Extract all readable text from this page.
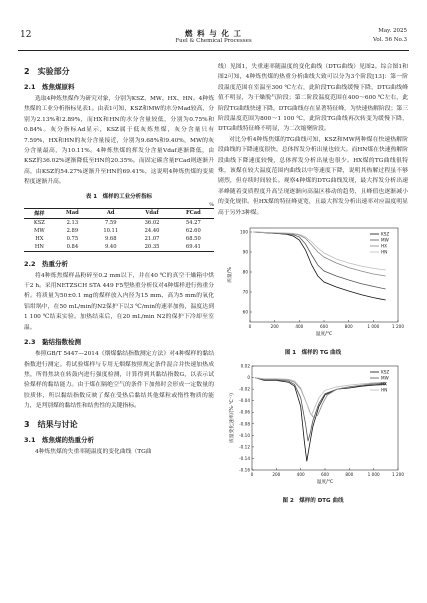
12	燃 料 与 化 工
Fuel & Chemical Processes
May. 2025
Vol. 56 No.3
2　实验部分
2.1　炼焦煤原料

选取4种炼焦煤作为研究对象，分别为KSZ、MW、HX、HN。4种炼焦煤的工业分析指标见表1。由表1可知，KSZ和MW的水分Mad较高，分别为2.13%和2.89%，而HX和HN的水分含量较低，分别为0.75%和0.84%。灰分指标Ad显示，KSZ属于低灰炼焦煤，灰分含量只有7.59%，HX和HN的灰分含量接近，分别为9.68%和9.40%，MW的灰分含量最高，为10.11%。4种炼焦煤的挥发分含量Vdaf逐渐降低，由KSZ的36.02%逐渐降低至HN的20.35%。而固定碳含量FCad则逐渐升高，由KSZ的54.27%逐渐升至HN的69.41%，这说明4种炼焦煤的变质程度逐渐升高。

表 1　煤样的工业分析指标
%
煤样	Mad	Ad	Vdaf	FCad
KSZ	2.13	7.59	36.02	54.27
MW	2.89	10.11	24.40	62.60
HX	0.75	9.68	21.07	68.50
HN	0.84	9.40	20.35	69.41
2.2　热重分析

将4种炼焦煤样品粉碎至0.2 mm以下，并在40 ℃的真空干燥箱中烘干2 h。采用NETZSCH STA 449 F5型热重分析仪对4种煤样进行热重分析。将质量为50±0.1 mg的煤样放入内径为15 mm、高为5 mm的氧化铝坩埚中，在50 mL/min的N2保护下以3 ℃/min的速率加热，温度达到1 100 ℃结束实验。加热结束后，在20 mL/min N2的保护下冷却至室温。

2.3　黏结指数检测

参照GB/T 5447—2014《烟煤黏结指数测定方法》对4种煤样的黏结指数进行测定。将试验煤样与专用无烟煤按照规定条件混合并快速加热成焦，所得焦块在转鼓内进行强度检测，计算得到其黏结指数G，以表示试验煤样的黏结能力。由于煤在隔绝空气的条件下加热时会形成一定数量的胶质体，所以黏结指数反映了煤在受热后黏结其他煤粒或惰性物质的能力，是判别煤的黏结性和结焦性的关键指标。

3　结果与讨论
3.1　炼焦煤的热重分析

4种炼焦煤的失重率随温度的变化曲线（TG曲

线）见图1，失重速率随温度的变化曲线（DTG曲线）见图2。综合图1和图2可知，4种炼焦煤的热重分析曲线大致可以分为3个阶段[13]：第一阶段温度范围在室温至300 ℃左右，此阶段TG曲线缓慢下降，DTG曲线峰值不明显，为干燥脱气阶段；第二阶段温度范围在400～600 ℃左右，此阶段TG曲线快速下降，DTG曲线存在显著特征峰，为快速热解阶段；第三阶段温度范围为800～1 100 ℃，此阶段TG曲线再次转变为缓慢下降，DTG曲线特征峰不明显，为二次缩聚阶段。

对比分析4种炼焦煤的TG曲线可知，KSZ和MW两种煤在快速热解阶段曲线的下降速度很快，总体挥发分析出量也较大。而HN煤在快速热解阶段曲线下降速度较慢，总体挥发分析出量也很少。HX煤的TG曲线很特殊，该煤在较大温度范围内曲线以中等速度下降，说明其热解过程虽不够剧烈，但存续时间较长。观察4种煤的DTG曲线发现，最大挥发分析出速率峰随着变质程度升高呈现逐渐向高温区移动的趋势，且峰值也逐渐减小的变化规律。但HX煤的特征峰更宽，且最大挥发分析出速率对应温度明显高于另外3种煤。

0	200	400	600	800	1 000	1 200
100
90
80
70
60
温度/℃
质量/%
KSZ
MW
HX
HN
图 1　煤样的 TG 曲线
0	200	400	600	800	1 000	1 200
0.02
0
-0.02
-0.04
-0.06
-0.08
-0.10
-0.12
-0.14
-0.16
温度/℃
质量变化速率/(%·℃⁻¹)
KSZ
MW
HX
HN
图 2　煤样的 DTG 曲线
